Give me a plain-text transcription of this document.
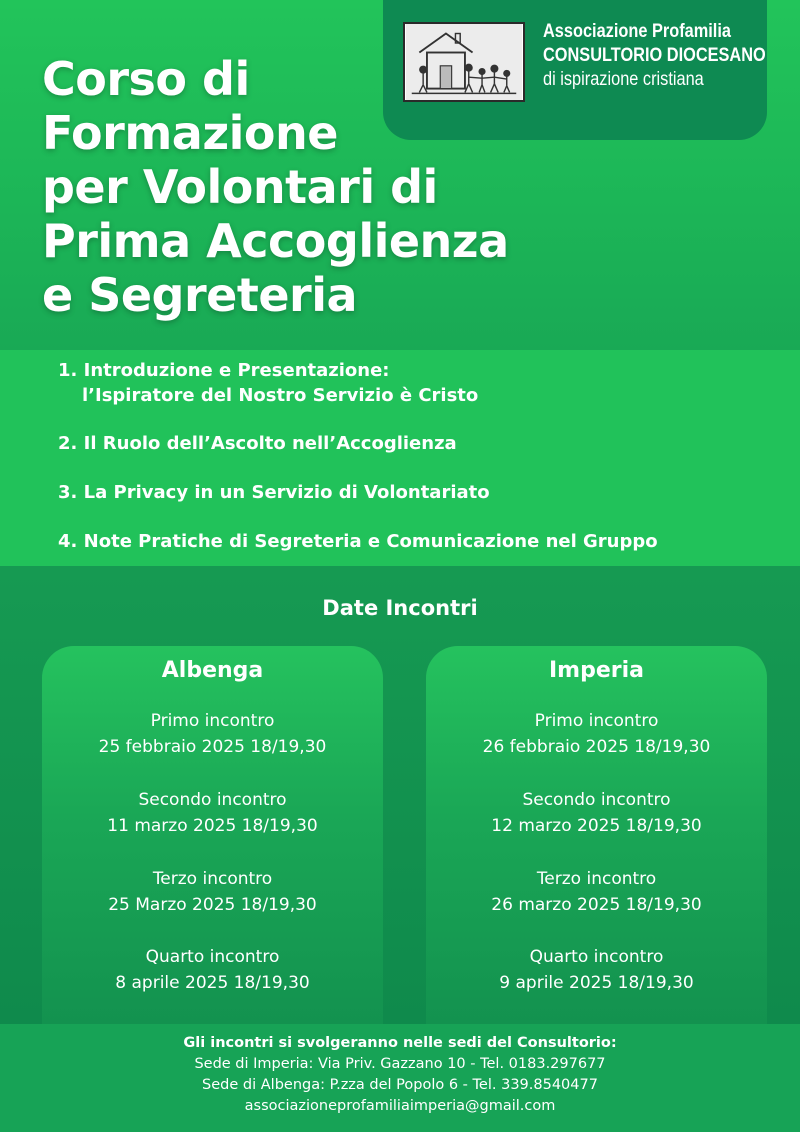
Corso di
Formazione
per Volontari di
Prima Accoglienza
e Segreteria
Associazione Profamilia
CONSULTORIO DIOCESANO
di ispirazione cristiana
1. Introduzione e Presentazione:
l’Ispiratore del Nostro Servizio è Cristo
2. Il Ruolo dell’Ascolto nell’Accoglienza
3. La Privacy in un Servizio di Volontariato
4. Note Pratiche di Segreteria e Comunicazione nel Gruppo
Date Incontri
Albenga
Primo incontro
25 febbraio 2025 18/19,30
Secondo incontro
11 marzo 2025 18/19,30
Terzo incontro
25 Marzo 2025 18/19,30
Quarto incontro
8 aprile 2025 18/19,30
Imperia
Primo incontro
26 febbraio 2025 18/19,30
Secondo incontro
12 marzo 2025 18/19,30
Terzo incontro
26 marzo 2025 18/19,30
Quarto incontro
9 aprile 2025 18/19,30
Gli incontri si svolgeranno nelle sedi del Consultorio:
Sede di Imperia: Via Priv. Gazzano 10 - Tel. 0183.297677
Sede di Albenga: P.zza del Popolo 6 - Tel. 339.8540477
associazioneprofamiliaimperia@gmail.com
